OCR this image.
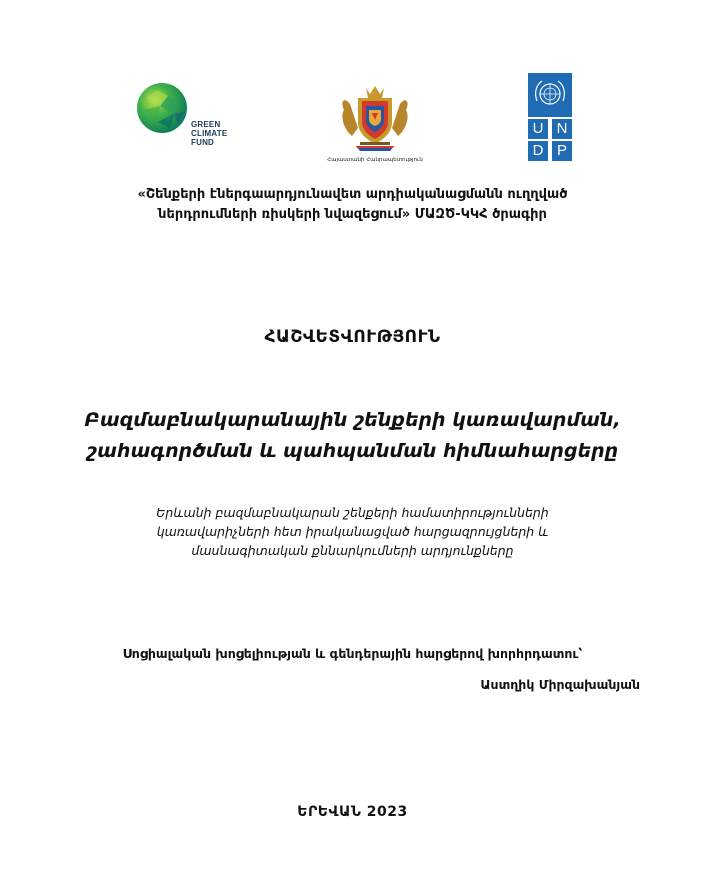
GREEN
CLIMATE
FUND
Հայաստանի Հանրապետություն
U N
D P
«Շենքերի էներգաարդյունավետ արդիականացմանն ուղղված
ներդրումների ռիսկերի նվազեցում» ՄԱԶԾ-ԿԿՀ ծրագիր
ՀԱՇՎԵՏՎՈՒԹՅՈՒՆ
Բազմաբնակարանային շենքերի կառավարման,
շահագործման և պահպանման հիմնահարցերը
Երևանի բազմաբնակարան շենքերի համատիրությունների
կառավարիչների հետ իրականացված հարցազրույցների և
մասնագիտական քննարկումների արդյունքները
Սոցիալական խոցելիության և գենդերային հարցերով խորհրդատու՝
Աստղիկ Միրզախանյան
ԵՐԵՎԱՆ 2023
